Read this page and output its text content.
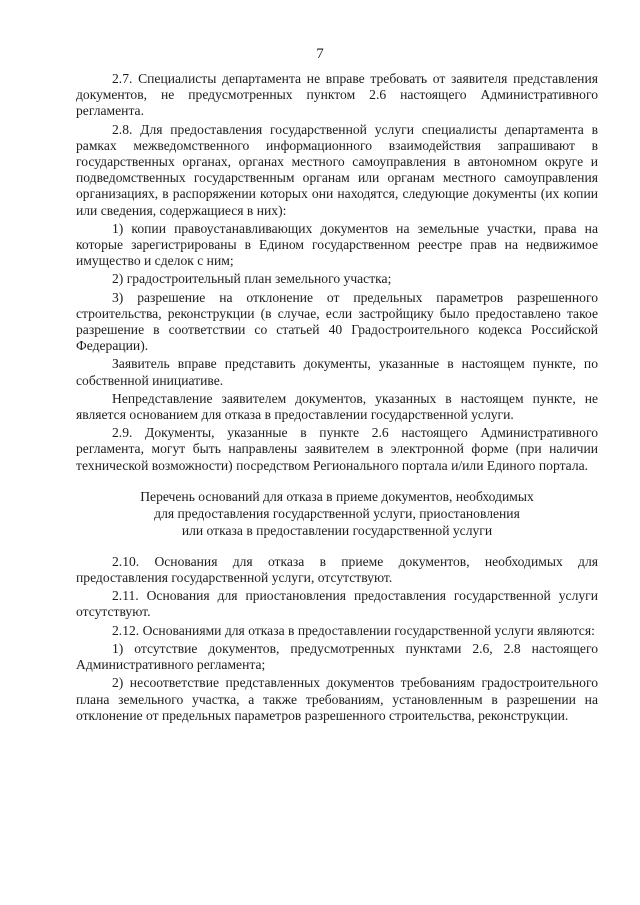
7

2.7. Специалисты департамента не вправе требовать от заявителя представления документов, не предусмотренных пунктом 2.6 настоящего Административного регламента.

2.8. Для предоставления государственной услуги специалисты департамента в рамках межведомственного информационного взаимодействия запрашивают в государственных органах, органах местного самоуправления в автономном округе и подведомственных государственным органам или органам местного самоуправления организациях, в распоряжении которых они находятся, следующие документы (их копии или сведения, содержащиеся в них):

1) копии правоустанавливающих документов на земельные участки, права на которые зарегистрированы в Едином государственном реестре прав на недвижимое имущество и сделок с ним;

2) градостроительный план земельного участка;

3) разрешение на отклонение от предельных параметров разрешенного строительства, реконструкции (в случае, если застройщику было предоставлено такое разрешение в соответствии со статьей 40 Градостроительного кодекса Российской Федерации).

Заявитель вправе представить документы, указанные в настоящем пункте, по собственной инициативе.

Непредставление заявителем документов, указанных в настоящем пункте, не является основанием для отказа в предоставлении государственной услуги.

2.9. Документы, указанные в пункте 2.6 настоящего Административного регламента, могут быть направлены заявителем в электронной форме (при наличии технической возможности) посредством Регионального портала и/или Единого портала.

Перечень оснований для отказа в приеме документов, необходимых
для предоставления государственной услуги, приостановления
или отказа в предоставлении государственной услуги

2.10. Основания для отказа в приеме документов, необходимых для предоставления государственной услуги, отсутствуют.

2.11. Основания для приостановления предоставления государственной услуги отсутствуют.

2.12. Основаниями для отказа в предоставлении государственной услуги являются:

1) отсутствие документов, предусмотренных пунктами 2.6, 2.8 настоящего Административного регламента;

2) несоответствие представленных документов требованиям градостроительного плана земельного участка, а также требованиям, установленным в разрешении на отклонение от предельных параметров разрешенного строительства, реконструкции.
